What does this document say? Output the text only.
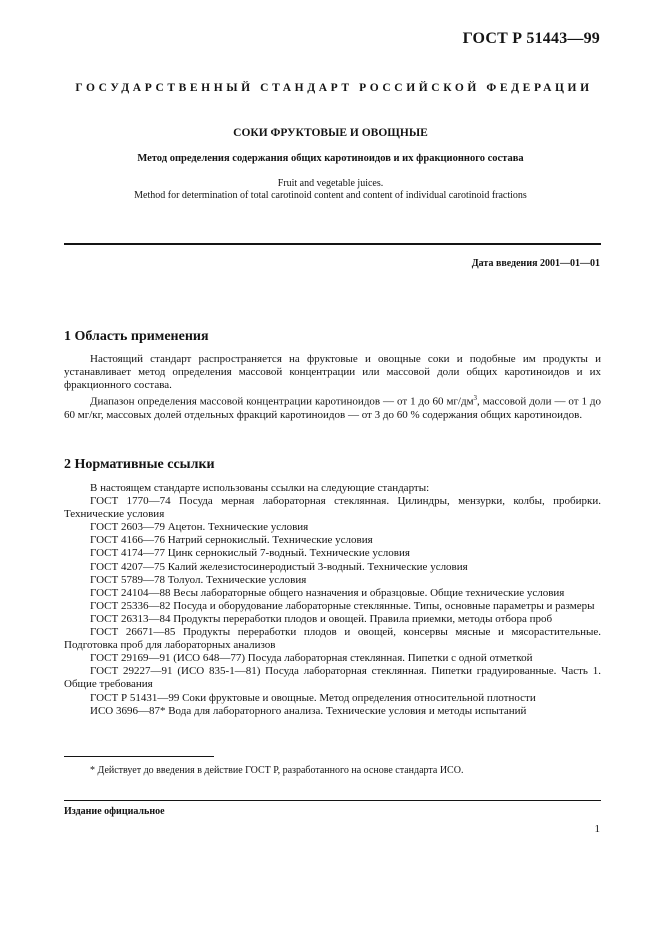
ГОСТ Р 51443—99
ГОСУДАРСТВЕННЫЙ СТАНДАРТ РОССИЙСКОЙ ФЕДЕРАЦИИ
СОКИ ФРУКТОВЫЕ И ОВОЩНЫЕ
Метод определения содержания общих каротиноидов и их фракционного состава
Fruit and vegetable juices.
Method for determination of total carotinoid content and content of individual carotinoid fractions
Дата введения 2001—01—01
1 Область применения

Настоящий стандарт распространяется на фруктовые и овощные соки и подобные им продукты и устанавливает метод определения массовой концентрации или массовой доли общих каротиноидов и их фракционного состава.

Диапазон определения массовой концентрации каротиноидов — от 1 до 60 $мг/дм^3$, массовой доли — от 1 до 60 мг/кг, массовых долей отдельных фракций каротиноидов — от 3 до 60 % содержания общих каротиноидов.

2 Нормативные ссылки
В настоящем стандарте использованы ссылки на следующие стандарты:
ГОСТ 1770—74 Посуда мерная лабораторная стеклянная. Цилиндры, мензурки, колбы, пробирки. Технические условия
ГОСТ 2603—79 Ацетон. Технические условия
ГОСТ 4166—76 Натрий сернокислый. Технические условия
ГОСТ 4174—77 Цинк сернокислый 7-водный. Технические условия
ГОСТ 4207—75 Калий железистосинеродистый 3-водный. Технические условия
ГОСТ 5789—78 Толуол. Технические условия
ГОСТ 24104—88 Весы лабораторные общего назначения и образцовые. Общие технические условия
ГОСТ 25336—82 Посуда и оборудование лабораторные стеклянные. Типы, основные параметры и размеры
ГОСТ 26313—84 Продукты переработки плодов и овощей. Правила приемки, методы отбора проб
ГОСТ 26671—85 Продукты переработки плодов и овощей, консервы мясные и мясорастительные. Подготовка проб для лабораторных анализов
ГОСТ 29169—91 (ИСО 648—77) Посуда лабораторная стеклянная. Пипетки с одной отметкой
ГОСТ 29227—91 (ИСО 835-1—81) Посуда лабораторная стеклянная. Пипетки градуированные. Часть 1. Общие требования
ГОСТ Р 51431—99 Соки фруктовые и овощные. Метод определения относительной плотности
ИСО 3696—87* Вода для лабораторного анализа. Технические условия и методы испытаний
* Действует до введения в действие ГОСТ Р, разработанного на основе стандарта ИСО.
Издание официальное
1
